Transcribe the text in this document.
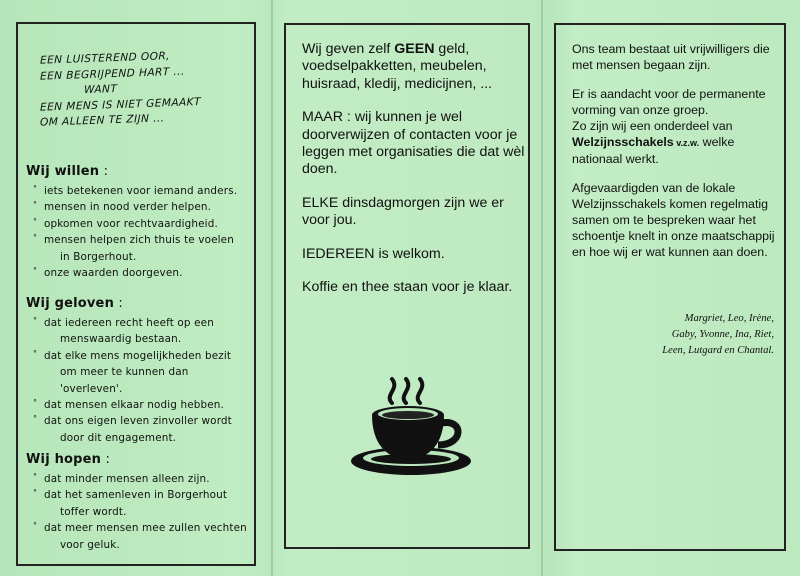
EEN LUISTEREND OOR,
EEN BEGRIJPEND HART ...
WANT
EEN MENS IS NIET GEMAAKT
OM ALLEEN TE ZIJN ...
Wij willen :
° iets betekenen voor iemand anders.
° mensen in nood verder helpen.
° opkomen voor rechtvaardigheid.
° mensen helpen zich thuis te voelen
in Borgerhout.
° onze waarden doorgeven.
Wij geloven :
° dat iedereen recht heeft op een
menswaardig bestaan.
° dat elke mens mogelijkheden bezit
om meer te kunnen dan 'overleven'.
° dat mensen elkaar nodig hebben.
° dat ons eigen leven zinvoller wordt
door dit engagement.
Wij hopen :
° dat minder mensen alleen zijn.
° dat het samenleven in Borgerhout
toffer wordt.
° dat meer mensen mee zullen vechten
voor geluk.

Wij geven zelf GEEN geld, voedselpakketten, meubelen, huisraad, kledij, medicijnen, ...

MAAR : wij kunnen je wel doorverwijzen of contacten voor je leggen met organisaties die dat wèl doen.

ELKE dinsdagmorgen zijn we er voor jou.

IEDEREEN is welkom.

Koffie en thee staan voor je klaar.

Ons team bestaat uit vrijwilligers die met mensen begaan zijn.

Er is aandacht voor de permanente vorming van onze groep.
Zo zijn wij een onderdeel van Welzijnsschakels v.z.w. welke nationaal werkt.

Afgevaardigden van de lokale Welzijnsschakels komen regelmatig samen om te bespreken waar het schoentje knelt in onze maatschappij en hoe wij er wat kunnen aan doen.

Margriet, Leo, Irène,
Gaby, Yvonne, Ina, Riet,
Leen, Lutgard en Chantal.
